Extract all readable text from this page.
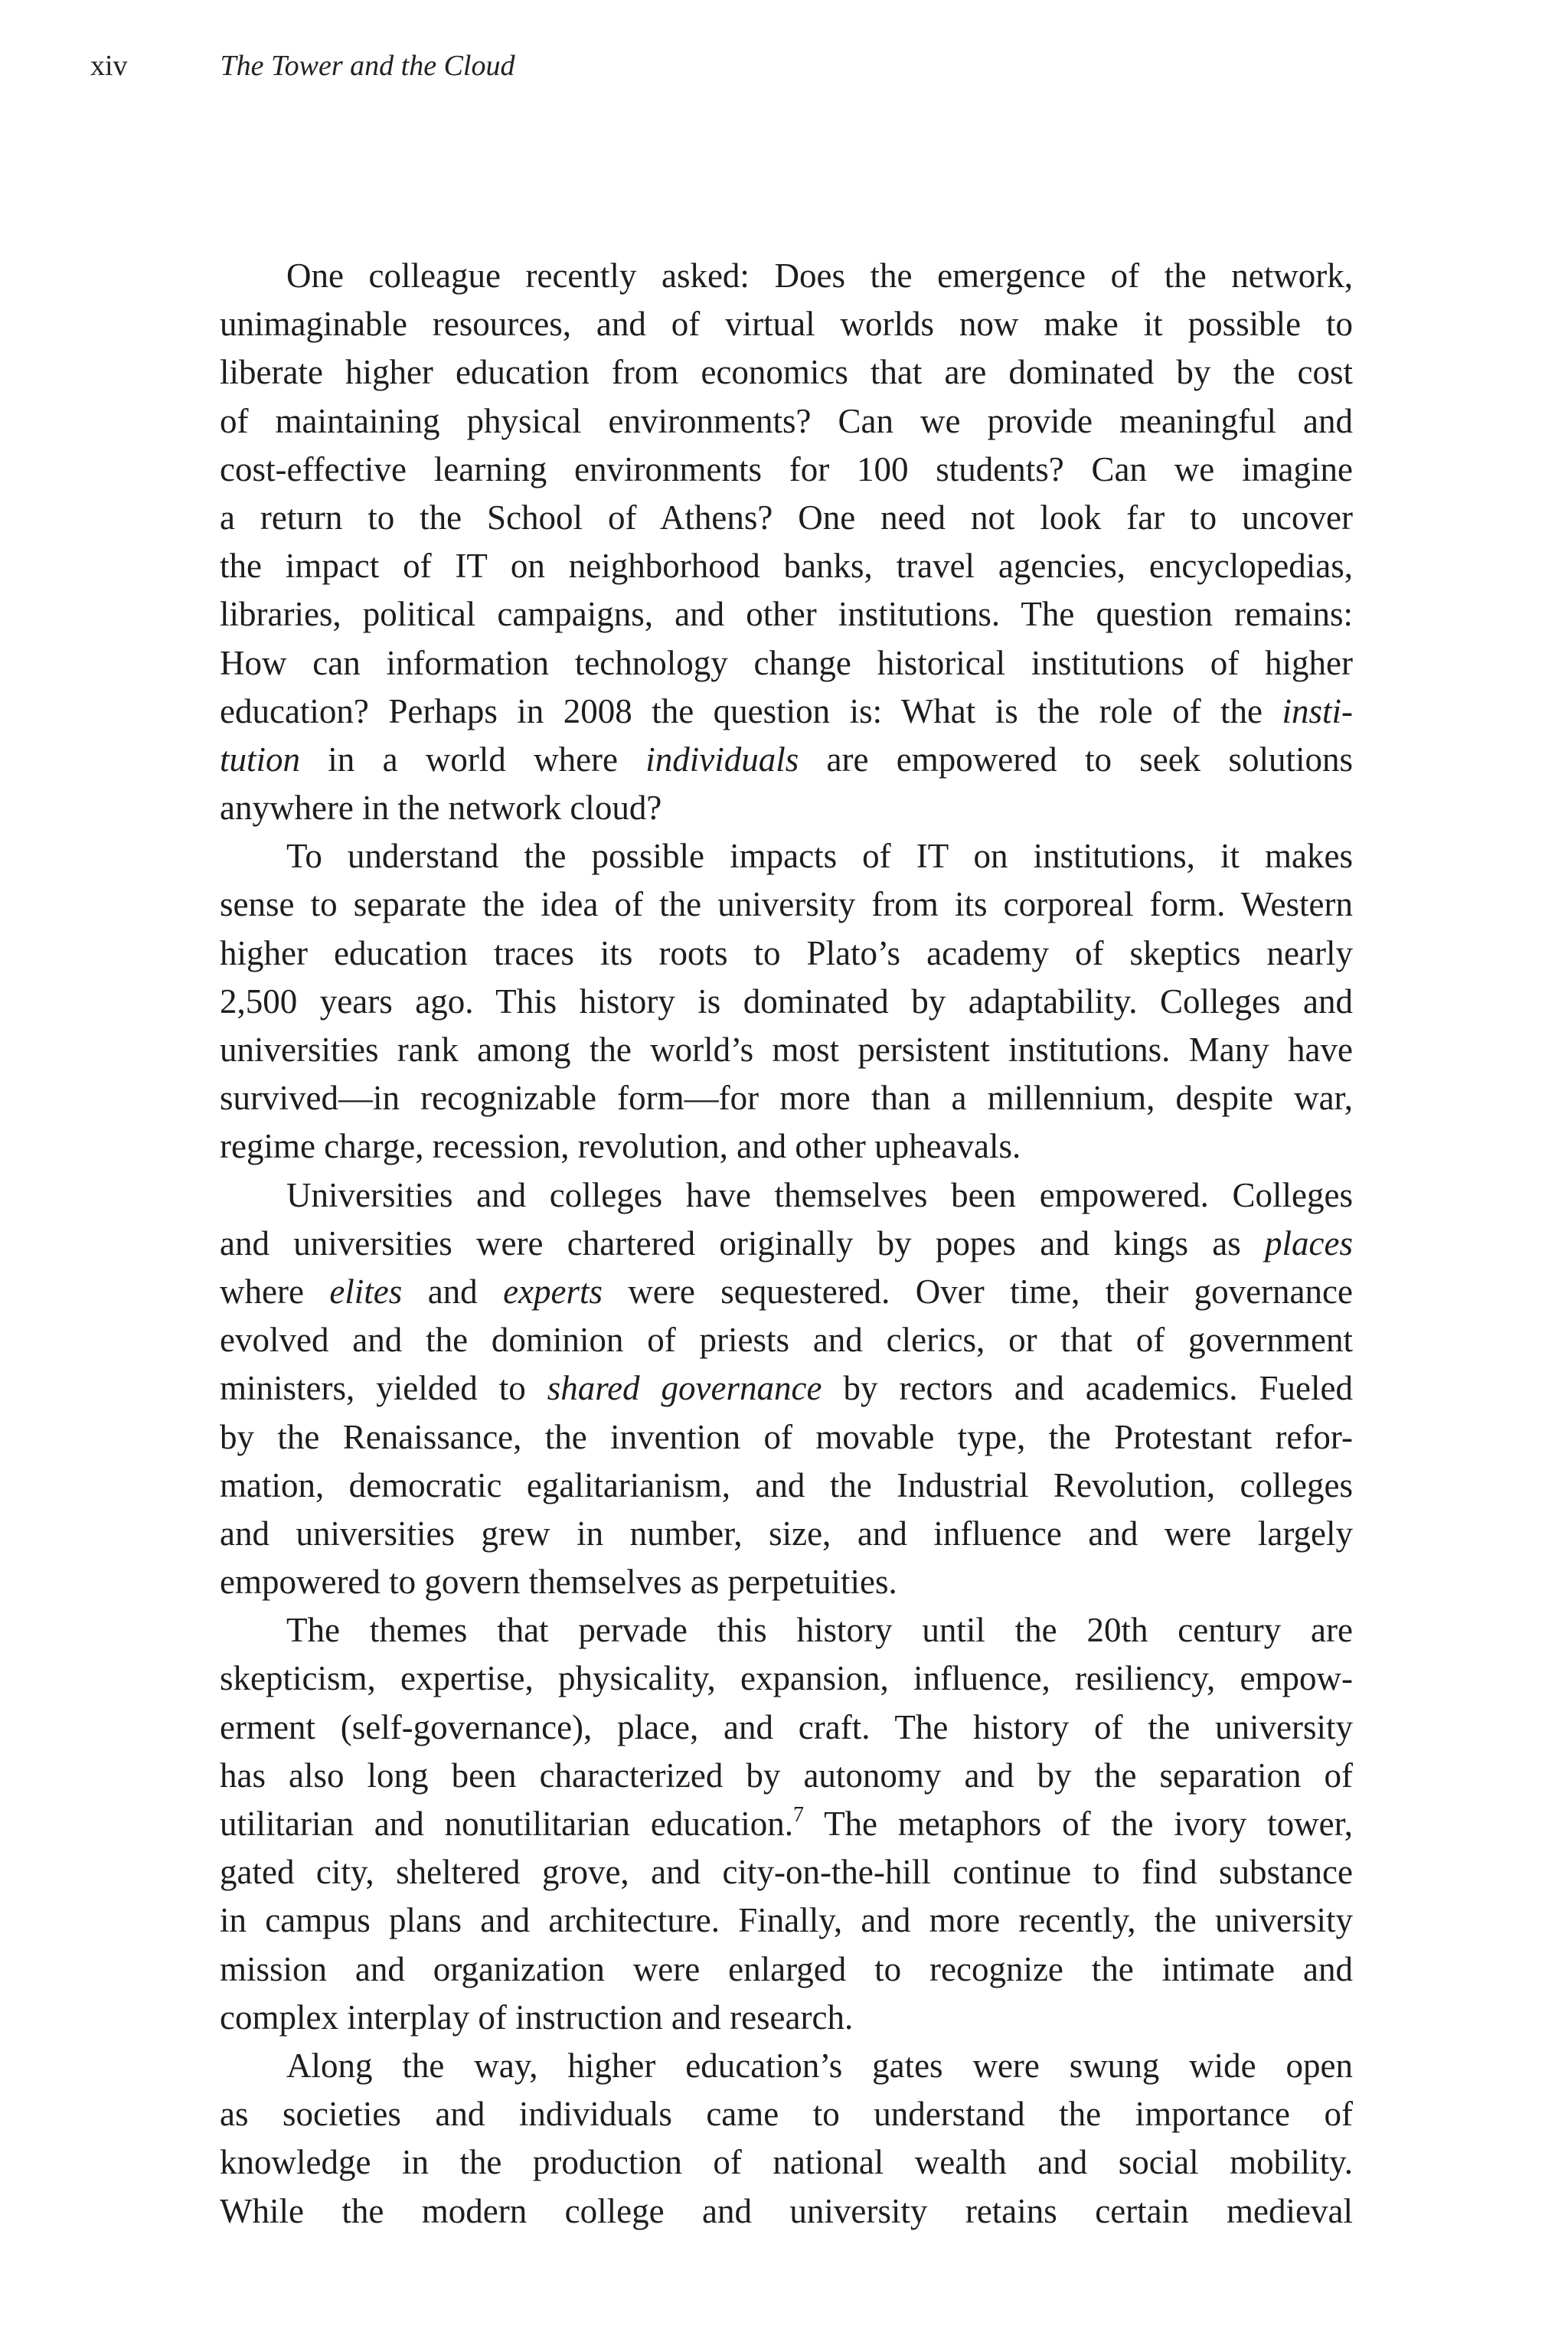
xiv	The Tower and the Cloud
One colleague recently asked: Does the emergence of the network,
unimaginable resources, and of virtual worlds now make it possible to
liberate higher education from economics that are dominated by the cost
of maintaining physical environments? Can we provide meaningful and
cost-effective learning environments for 100 students? Can we imagine
a return to the School of Athens? One need not look far to uncover
the impact of IT on neighborhood banks, travel agencies, encyclopedias,
libraries, political campaigns, and other institutions. The question remains:
How can information technology change historical institutions of higher
education? Perhaps in 2008 the question is: What is the role of the insti-
tution in a world where individuals are empowered to seek solutions
anywhere in the network cloud?
To understand the possible impacts of IT on institutions, it makes
sense to separate the idea of the university from its corporeal form. Western
higher education traces its roots to Plato’s academy of skeptics nearly
2,500 years ago. This history is dominated by adaptability. Colleges and
universities rank among the world’s most persistent institutions. Many have
survived—in recognizable form—for more than a millennium, despite war,
regime charge, recession, revolution, and other upheavals.
Universities and colleges have themselves been empowered. Colleges
and universities were chartered originally by popes and kings as places
where elites and experts were sequestered. Over time, their governance
evolved and the dominion of priests and clerics, or that of government
ministers, yielded to shared governance by rectors and academics. Fueled
by the Renaissance, the invention of movable type, the Protestant refor-
mation, democratic egalitarianism, and the Industrial Revolution, colleges
and universities grew in number, size, and influence and were largely
empowered to govern themselves as perpetuities.
The themes that pervade this history until the 20th century are
skepticism, expertise, physicality, expansion, influence, resiliency, empow-
erment (self-governance), place, and craft. The history of the university
has also long been characterized by autonomy and by the separation of
utilitarian and nonutilitarian education.$^7$ The metaphors of the ivory tower,
gated city, sheltered grove, and city-on-the-hill continue to find substance
in campus plans and architecture. Finally, and more recently, the university
mission and organization were enlarged to recognize the intimate and
complex interplay of instruction and research.
Along the way, higher education’s gates were swung wide open
as societies and individuals came to understand the importance of
knowledge in the production of national wealth and social mobility.
While the modern college and university retains certain medieval
